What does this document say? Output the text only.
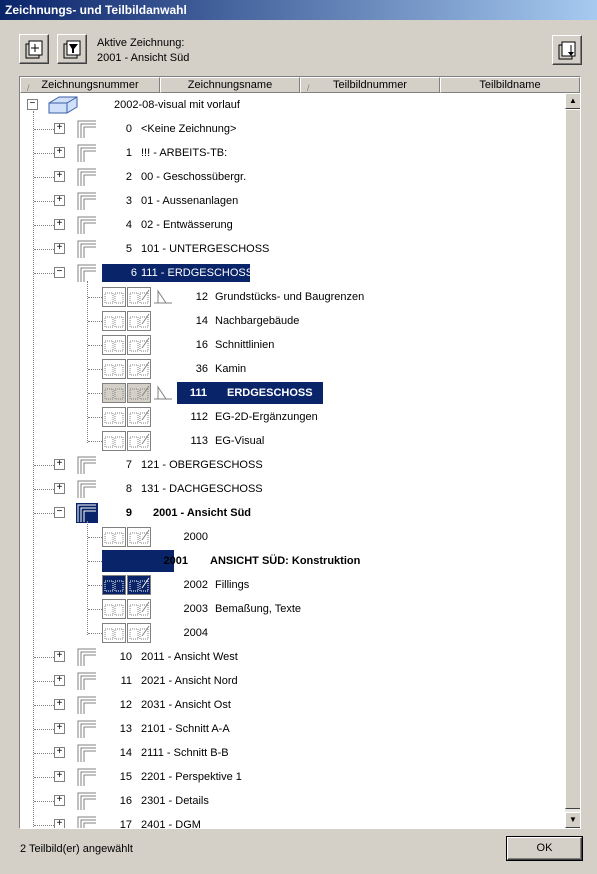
Zeichnungs- und Teilbildanwahl
Aktive Zeichnung:
2001 - Ansicht Süd
/ Zeichnungsnummer	Zeichnungsname	/ Teilbildnummer	Teilbildname
−	2002-08-visual mit vorlauf
+	0 <Keine Zeichnung>
+	1 !!! - ARBEITS-TB:
+	2 00 - Geschossübergr.
+	3 01 - Aussenanlagen
+	4 02 - Entwässerung
+	5 101 - UNTERGESCHOSS
−	6 111 - ERDGESCHOSS
12 Grundstücks- und Baugrenzen
14 Nachbargebäude
16 Schnittlinien
36 Kamin
111 ERDGESCHOSS
112 EG-2D-Ergänzungen
113 EG-Visual
+	7 121 - OBERGESCHOSS
+	8 131 - DACHGESCHOSS
−	9 2001 - Ansicht Süd
2000
2001 ANSICHT SÜD: Konstruktion
2002 Fillings
2003 Bemaßung, Texte
2004
+	10 2011 - Ansicht West
+	11 2021 - Ansicht Nord
+	12 2031 - Ansicht Ost
+	13 2101 - Schnitt A-A
+	14 2111 - Schnitt B-B
+	15 2201 - Perspektive 1
+	16 2301 - Details
+	17 2401 - DGM
▲
▼
2 Teilbild(er) angewählt	OK
